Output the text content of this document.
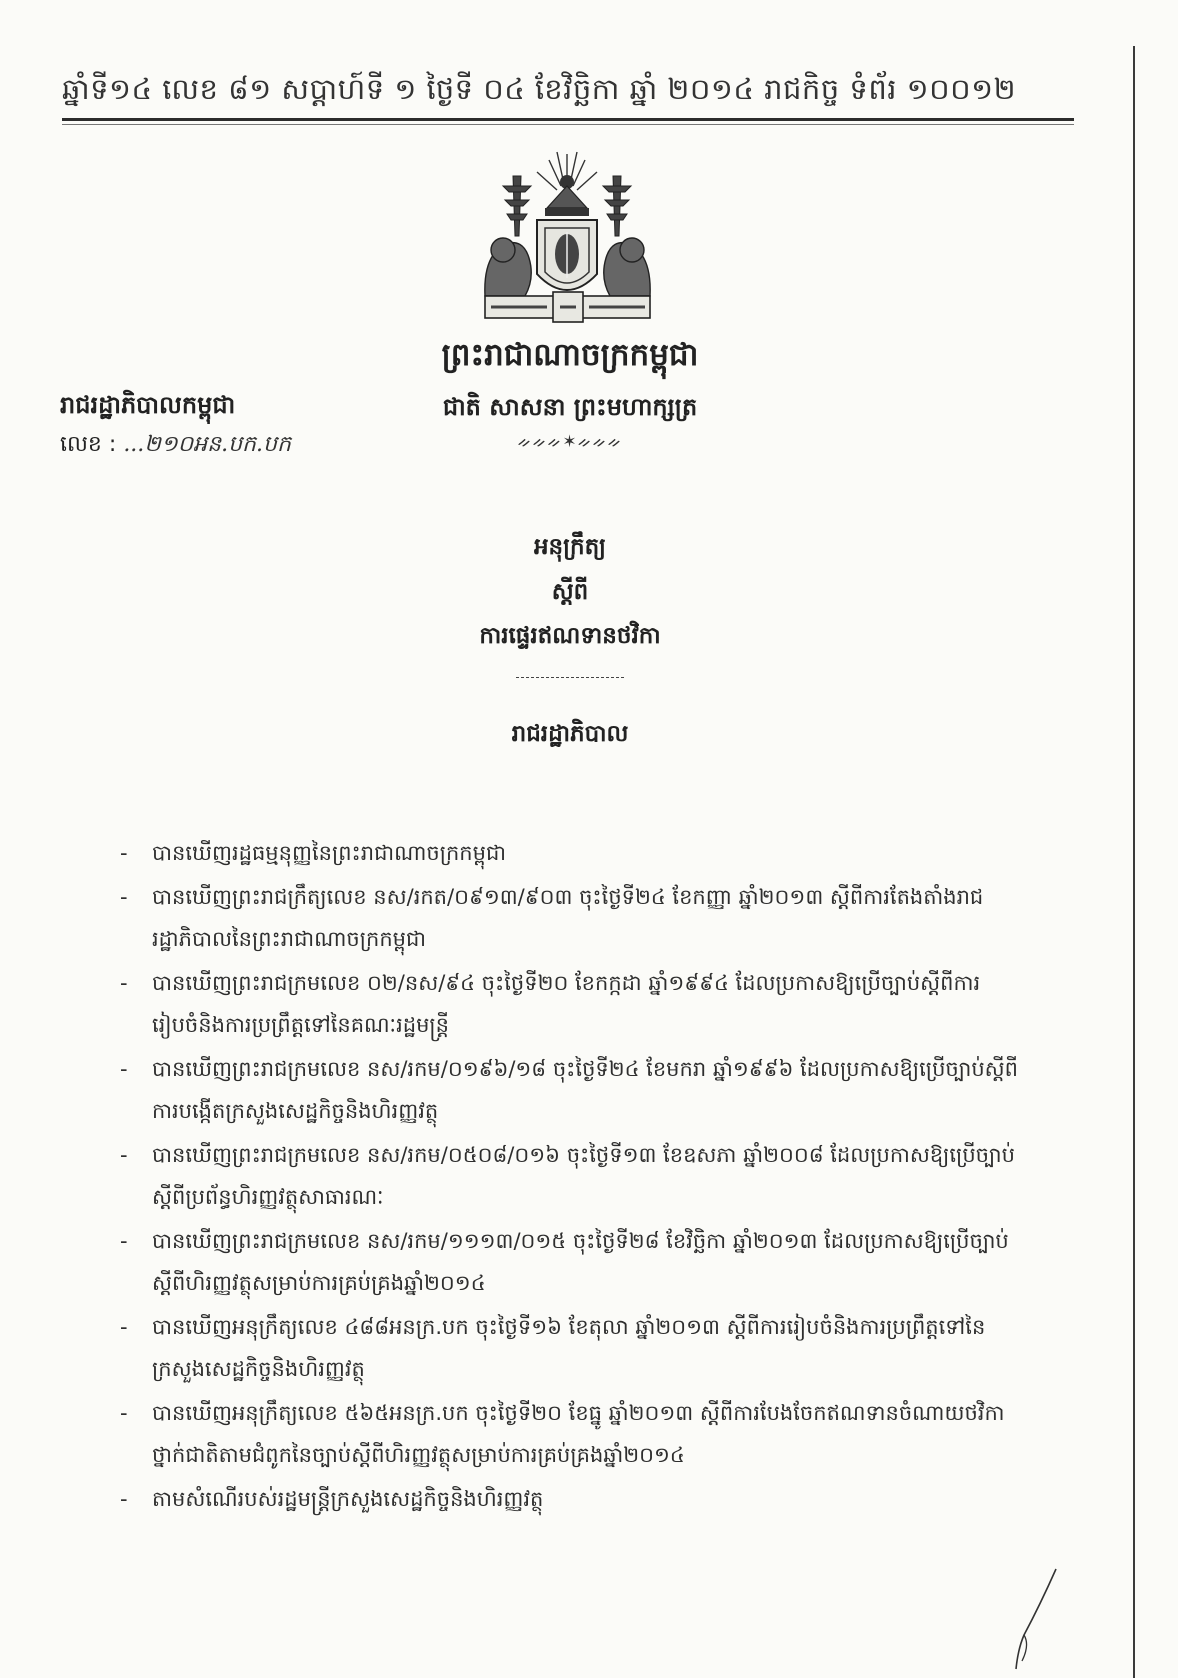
ឆ្នាំទី១៤ លេខ ៨១ សប្តាហ៍ទី ១ ថ្ងៃទី ០៤ ខែវិច្ឆិកា ឆ្នាំ ២០១៤ រាជកិច្ច ទំព័រ ១០០១២
ព្រះរាជាណាចក្រកម្ពុជា
ជាតិ សាសនា ព្រះមហាក្សត្រ
ᨀᨀᨀ✶ᨀᨀᨀ
រាជរដ្ឋាភិបាលកម្ពុជា
លេខ : ...២១០អន.បក.បក
អនុក្រឹត្យ
ស្តីពី
ការផ្ទេរឥណទានថវិកា
រាជរដ្ឋាភិបាល
-	បានឃើញរដ្ឋធម្មនុញ្ញនៃព្រះរាជាណាចក្រកម្ពុជា
-	បានឃើញព្រះរាជក្រឹត្យលេខ នស/រកត/០៩១៣/៩០៣ ចុះថ្ងៃទី២៤ ខែកញ្ញា ឆ្នាំ២០១៣ ស្តីពីការតែងតាំងរាជរដ្ឋាភិបាលនៃព្រះរាជាណាចក្រកម្ពុជា
-	បានឃើញព្រះរាជក្រមលេខ ០២/នស/៩៤ ចុះថ្ងៃទី២០ ខែកក្កដា ឆ្នាំ១៩៩៤ ដែលប្រកាសឱ្យប្រើច្បាប់ស្តីពីការរៀបចំនិងការប្រព្រឹត្តទៅនៃគណៈរដ្ឋមន្ត្រី
-	បានឃើញព្រះរាជក្រមលេខ នស/រកម/០១៩៦/១៨ ចុះថ្ងៃទី២៤ ខែមករា ឆ្នាំ១៩៩៦ ដែលប្រកាសឱ្យប្រើច្បាប់ស្តីពីការបង្កើតក្រសួងសេដ្ឋកិច្ចនិងហិរញ្ញវត្ថុ
-	បានឃើញព្រះរាជក្រមលេខ នស/រកម/០៥០៨/០១៦ ចុះថ្ងៃទី១៣ ខែឧសភា ឆ្នាំ២០០៨ ដែលប្រកាសឱ្យប្រើច្បាប់ស្តីពីប្រព័ន្ធហិរញ្ញវត្ថុសាធារណៈ
-	បានឃើញព្រះរាជក្រមលេខ នស/រកម/១១១៣/០១៥ ចុះថ្ងៃទី២៨ ខែវិច្ឆិកា ឆ្នាំ២០១៣ ដែលប្រកាសឱ្យប្រើច្បាប់ស្តីពីហិរញ្ញវត្ថុសម្រាប់ការគ្រប់គ្រងឆ្នាំ២០១៤
-	បានឃើញអនុក្រឹត្យលេខ ៤៨៨អនក្រ.បក ចុះថ្ងៃទី១៦ ខែតុលា ឆ្នាំ២០១៣ ស្តីពីការរៀបចំនិងការប្រព្រឹត្តទៅនៃក្រសួងសេដ្ឋកិច្ចនិងហិរញ្ញវត្ថុ
-	បានឃើញអនុក្រឹត្យលេខ ៥៦៥អនក្រ.បក ចុះថ្ងៃទី២០ ខែធ្នូ ឆ្នាំ២០១៣ ស្តីពីការបែងចែកឥណទានចំណាយថវិកាថ្នាក់ជាតិតាមជំពូកនៃច្បាប់ស្តីពីហិរញ្ញវត្ថុសម្រាប់ការគ្រប់គ្រងឆ្នាំ២០១៤
-	តាមសំណើរបស់រដ្ឋមន្ត្រីក្រសួងសេដ្ឋកិច្ចនិងហិរញ្ញវត្ថុ
